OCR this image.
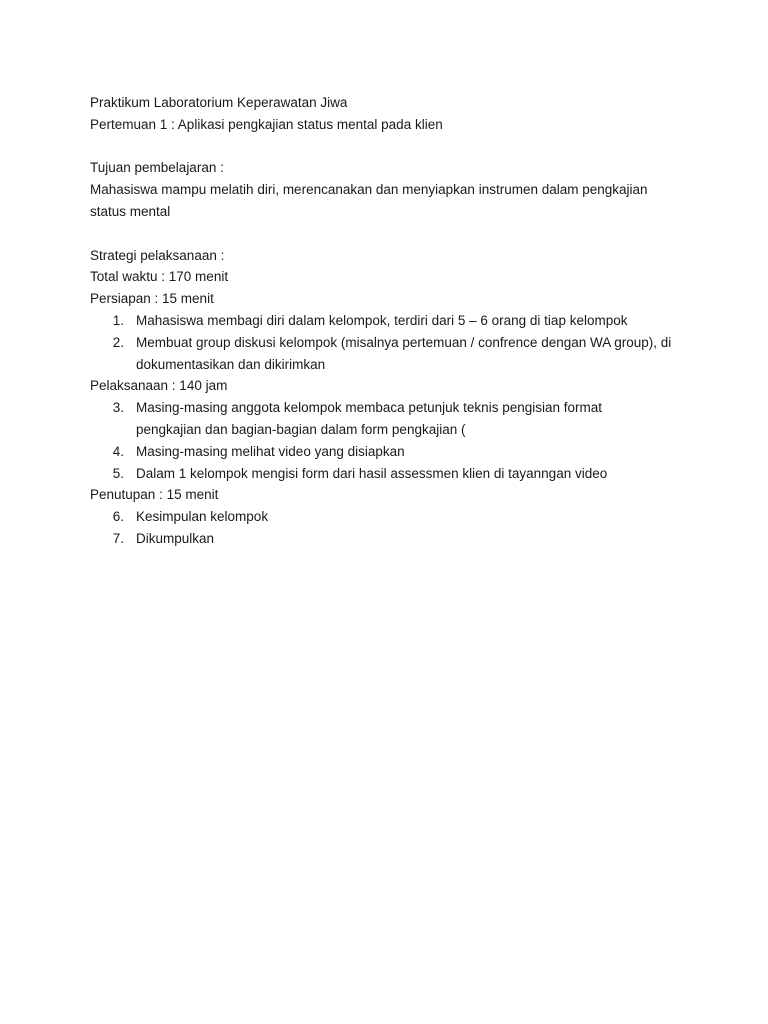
Praktikum Laboratorium Keperawatan Jiwa
Pertemuan 1 : Aplikasi pengkajian status mental pada klien
Tujuan pembelajaran :
Mahasiswa mampu melatih diri, merencanakan dan menyiapkan instrumen dalam pengkajian status mental
Strategi pelaksanaan :
Total waktu : 170 menit
Persiapan : 15 menit
1. Mahasiswa membagi diri dalam kelompok, terdiri dari 5 – 6 orang di tiap kelompok
2. Membuat group diskusi kelompok (misalnya pertemuan / confrence dengan WA group), di dokumentasikan dan dikirimkan
Pelaksanaan : 140 jam
3. Masing-masing anggota kelompok membaca petunjuk teknis pengisian format pengkajian dan bagian-bagian dalam form pengkajian (
4. Masing-masing melihat video yang disiapkan
5. Dalam 1 kelompok mengisi form dari hasil assessmen klien di tayanngan video
Penutupan : 15 menit
6. Kesimpulan kelompok
7. Dikumpulkan
